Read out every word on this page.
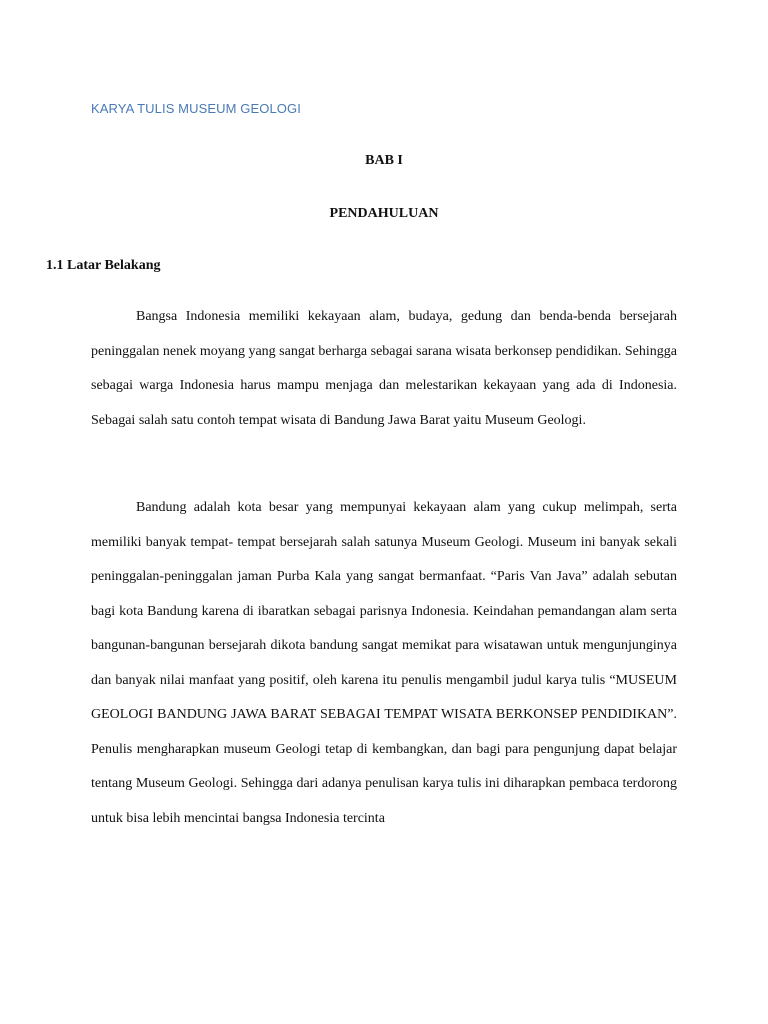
KARYA TULIS MUSEUM GEOLOGI

BAB I

PENDAHULUAN

1.1 Latar Belakang

Bangsa Indonesia memiliki kekayaan alam, budaya, gedung dan benda-benda bersejarah peninggalan nenek moyang yang sangat berharga sebagai sarana wisata berkonsep pendidikan. Sehingga sebagai warga Indonesia harus mampu menjaga dan melestarikan kekayaan yang ada di Indonesia. Sebagai salah satu contoh tempat wisata di Bandung Jawa Barat yaitu Museum Geologi.

Bandung adalah kota besar yang mempunyai kekayaan alam yang cukup melimpah, serta memiliki banyak tempat- tempat bersejarah salah satunya Museum Geologi. Museum ini banyak sekali peninggalan-peninggalan jaman Purba Kala yang sangat bermanfaat. “Paris Van Java” adalah sebutan bagi kota Bandung karena di ibaratkan sebagai parisnya Indonesia. Keindahan pemandangan alam serta bangunan-bangunan bersejarah dikota bandung sangat memikat para wisatawan untuk mengunjunginya dan banyak nilai manfaat yang positif, oleh karena itu penulis mengambil judul karya tulis “MUSEUM GEOLOGI BANDUNG JAWA BARAT SEBAGAI TEMPAT WISATA BERKONSEP PENDIDIKAN”. Penulis mengharapkan museum Geologi tetap di kembangkan, dan bagi para pengunjung dapat belajar tentang Museum Geologi. Sehingga dari adanya penulisan karya tulis ini diharapkan pembaca terdorong untuk bisa lebih mencintai bangsa Indonesia tercinta
